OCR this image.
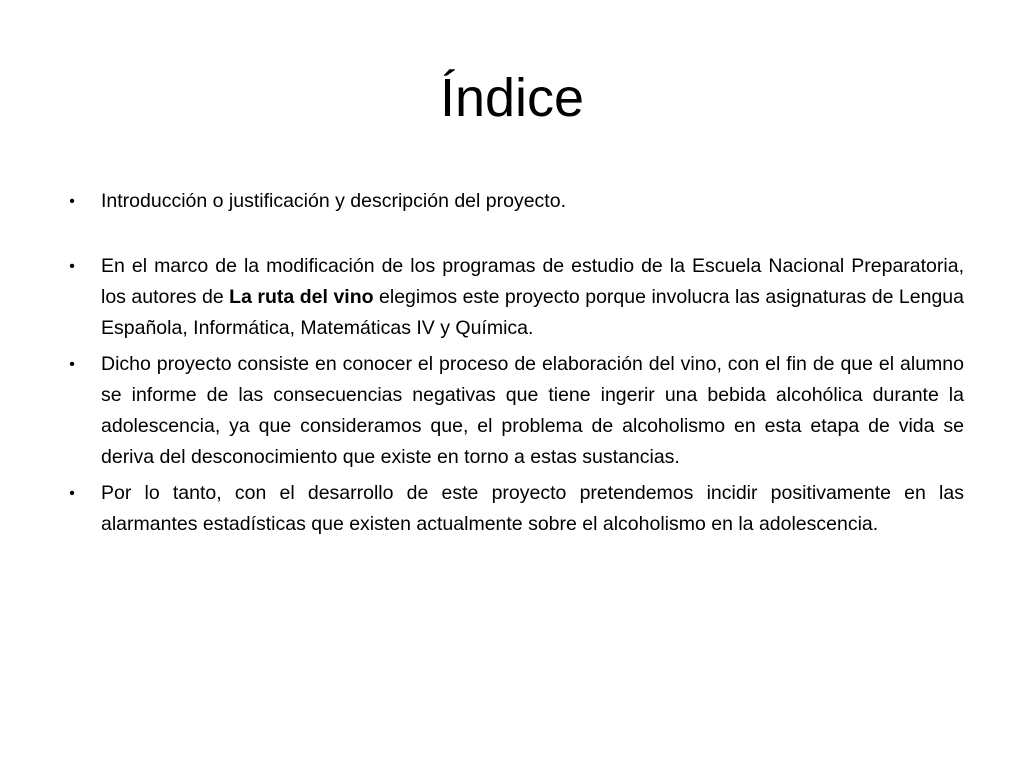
Índice
•	Introducción o justificación y descripción del proyecto.
•	En el marco de la modificación de los programas de estudio de la Escuela Nacional Preparatoria, los autores de La ruta del vino elegimos este proyecto porque involucra las asignaturas de Lengua Española, Informática, Matemáticas IV y Química.
•	Dicho proyecto consiste en conocer el proceso de elaboración del vino, con el fin de que el alumno se informe de las consecuencias negativas que tiene ingerir una bebida alcohólica durante la adolescencia, ya que consideramos que, el problema de alcoholismo en esta etapa de vida se deriva del desconocimiento que existe en torno a estas sustancias.
•	Por lo tanto, con el desarrollo de este proyecto pretendemos incidir positivamente en las alarmantes estadísticas que existen actualmente sobre el alcoholismo en la adolescencia.
